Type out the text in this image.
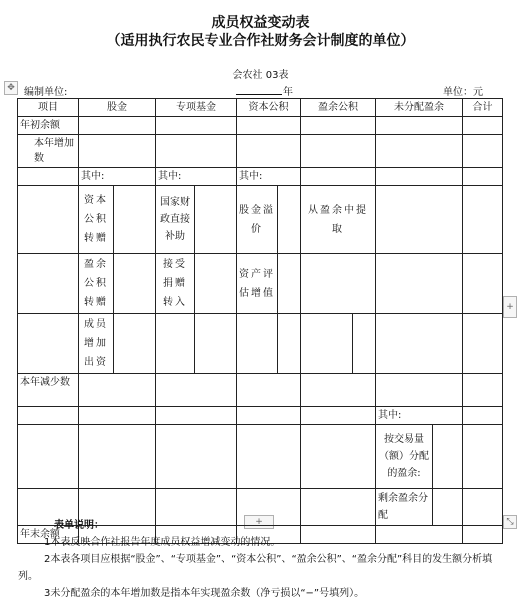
成员权益变动表
（适用执行农民专业合作社财务会计制度的单位）
会农社 03表
编制单位:	年	单位：元
✥
+
+	⤡
项目	股金		专项基金		资本公积		盈余公积		未分配盈余		合计
年初余额											
本年增加数											
	其中:		其中:		其中:						

	资本公积转赠		国家财政直接补助		股金溢价		从盈余中提取				

	盈余公积转赠		接受捐赠转入		资产评估增值						

	成员增加出资										

本年减少数											
									其中:		

									按交易量（额）分配的盈余:		

									剩余盈余分配		

年末余额											
表单说明：
1本表反映合作社报告年度成员权益增减变动的情况。
2本表各项目应根据“股金”、“专项基金”、“资本公积”、“盈余公积”、“盈余分配”科目的发生额分析填列。
3未分配盈余的本年增加数是指本年实现盈余数（净亏损以“−”号填列）。
